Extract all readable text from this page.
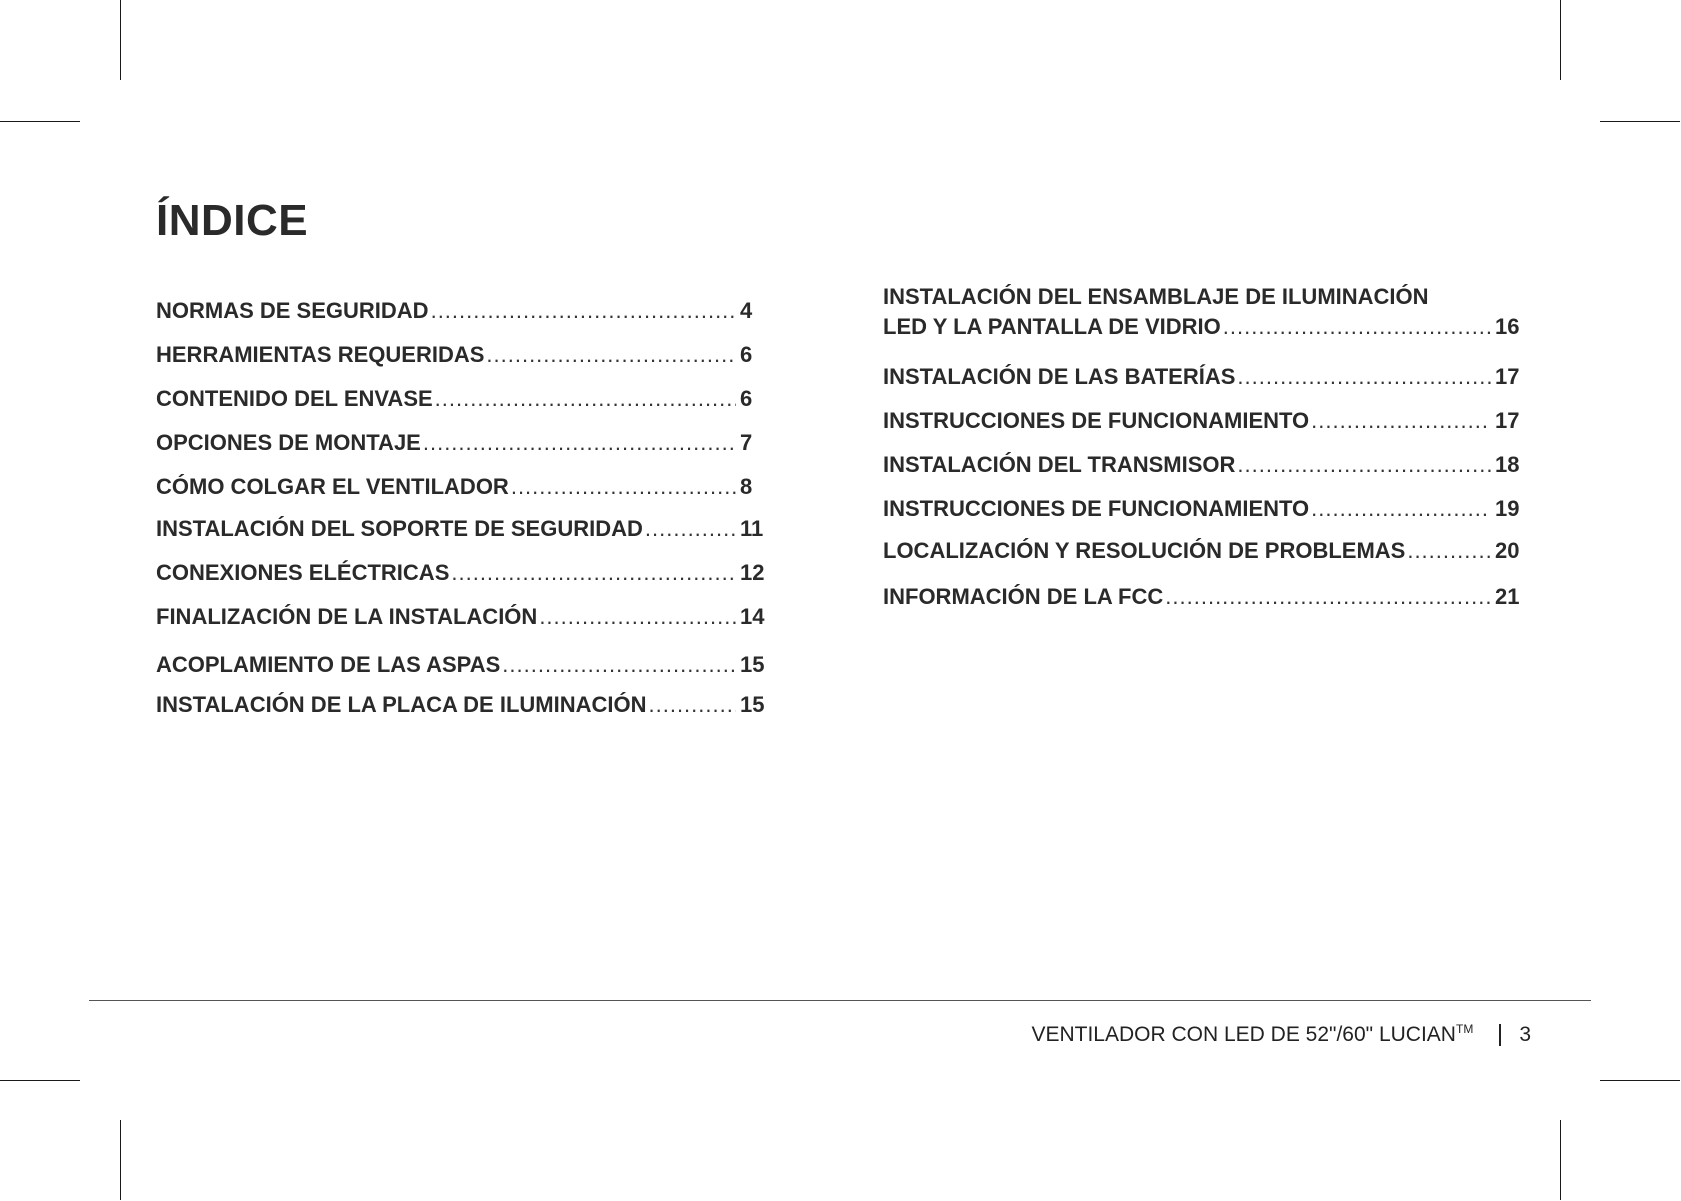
ÍNDICE
NORMAS DE SEGURIDAD .....	4
HERRAMIENTAS REQUERIDAS .....	6
CONTENIDO DEL ENVASE .....	6
OPCIONES DE MONTAJE .....	7
CÓMO COLGAR EL VENTILADOR .....	8
INSTALACIÓN DEL SOPORTE DE SEGURIDAD .....	11
CONEXIONES ELÉCTRICAS .....	12
FINALIZACIÓN DE LA INSTALACIÓN .....	14
ACOPLAMIENTO DE LAS ASPAS .....	15
INSTALACIÓN DE LA PLACA DE ILUMINACIÓN .....	15
INSTALACIÓN DEL ENSAMBLAJE DE ILUMINACIÓN
LED Y LA PANTALLA DE VIDRIO .....	16
INSTALACIÓN DE LAS BATERÍAS .....	17
INSTRUCCIONES DE FUNCIONAMIENTO .....	17
INSTALACIÓN DEL TRANSMISOR .....	18
INSTRUCCIONES DE FUNCIONAMIENTO .....	19
LOCALIZACIÓN Y RESOLUCIÓN DE PROBLEMAS .....	20
INFORMACIÓN DE LA FCC .....	21
VENTILADOR CON LED DE 52"/60" LUCIAN™ 3
